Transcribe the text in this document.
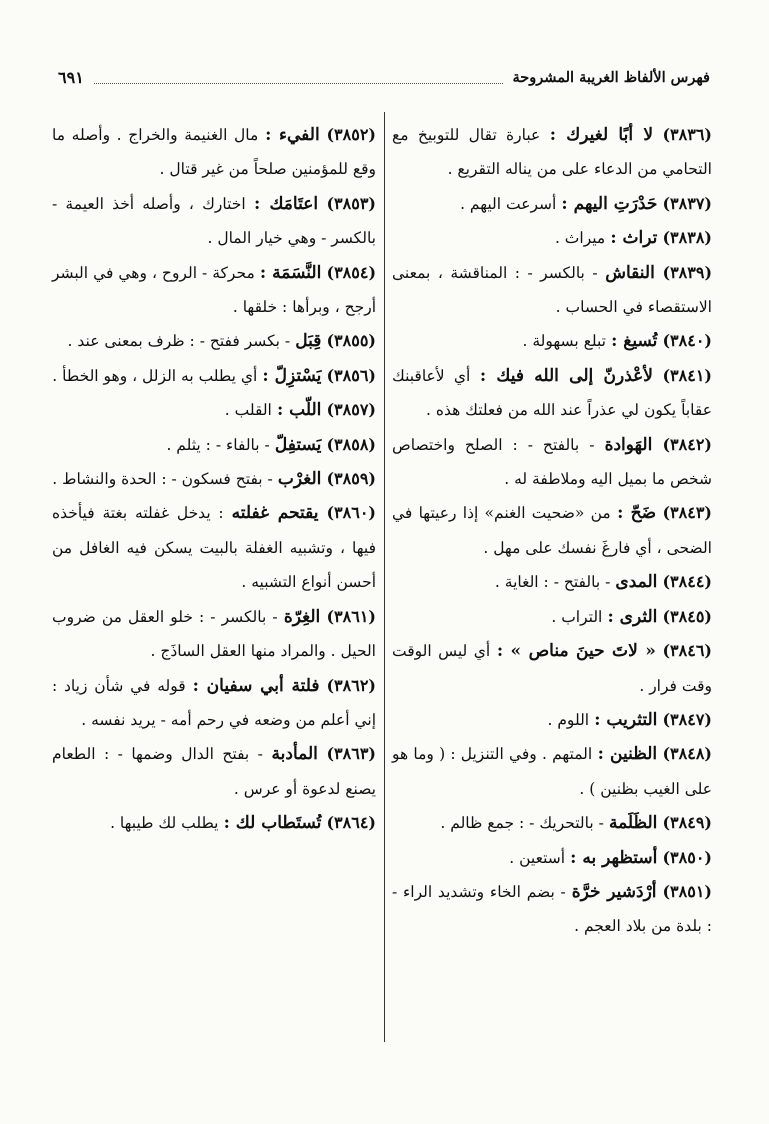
فهرس الألفاظ الغريبة المشروحة
٦٩١
(٣٨٣٦) لا أبًا لغيرك : عبارة تقال للتوبيخ مع التحامي من الدعاء على من يناله التقريع .
(٣٨٣٧) حَدْرَتِ اليهم : أسرعت اليهم .
(٣٨٣٨) تراث : ميراث .
(٣٨٣٩) النقاش - بالكسر - : المناقشة ، بمعنى الاستقصاء في الحساب .
(٣٨٤٠) تُسيغ : تبلع بسهولة .
(٣٨٤١) لأعْذرنّ إلى الله فيك : أي لأعاقبنك عقاباً يكون لي عذراً عند الله من فعلتك هذه .
(٣٨٤٢) الهَوادة - بالفتح - : الصلح واختصاص شخص ما بميل اليه وملاطفة له .
(٣٨٤٣) ضَحّ : من «ضحيت الغنم» إذا رعيتها في الضحى ، أي فارغَ نفسك على مهل .
(٣٨٤٤) المدى - بالفتح - : الغاية .
(٣٨٤٥) الثرى : التراب .
(٣٨٤٦) « لاتَ حينَ مناص » : أي ليس الوقت وقت فرار .
(٣٨٤٧) التثريب : اللوم .
(٣٨٤٨) الظنين : المتهم . وفي التنزيل : ( وما هو على الغيب بظنين ) .
(٣٨٤٩) الظَلَمة - بالتحريك - : جمع ظالم .
(٣٨٥٠) أستظهر به : أستعين .
(٣٨٥١) أرْدَشير خرَّة - بضم الخاء وتشديد الراء - : بلدة من بلاد العجم .
(٣٨٥٢) الفيء : مال الغنيمة والخراج . وأصله ما وقع للمؤمنين صلحاً من غير قتال .
(٣٨٥٣) اعتَامَك : اختارك ، وأصله أخذ العيمة - بالكسر - وهي خيار المال .
(٣٨٥٤) النَّسَمَة : محركة - الروح ، وهي في البشر أرجح ، وبرأها : خلقها .
(٣٨٥٥) قِبَل - بكسر ففتح - : ظرف بمعنى عند .
(٣٨٥٦) يَسْتزِلّ : أي يطلب به الزلل ، وهو الخطأ .
(٣٨٥٧) اللّب : القلب .
(٣٨٥٨) يَستفِلّ - بالفاء - : يثلم .
(٣٨٥٩) الغرْب - بفتح فسكون - : الحدة والنشاط .
(٣٨٦٠) يقتحم غفلته : يدخل غفلته بغتة فيأخذه فيها ، وتشبيه الغفلة بالبيت يسكن فيه الغافل من أحسن أنواع التشبيه .
(٣٨٦١) الغِرّة - بالكسر - : خلو العقل من ضروب الحيل . والمراد منها العقل الساذَج .
(٣٨٦٢) فلتة أبي سفيان : قوله في شأن زياد : إني أعلم من وضعه في رحم أمه - يريد نفسه .
(٣٨٦٣) المأدبة - بفتح الدال وضمها - : الطعام يصنع لدعوة أو عرس .
(٣٨٦٤) تُستَطاب لك : يطلب لك طيبها .
